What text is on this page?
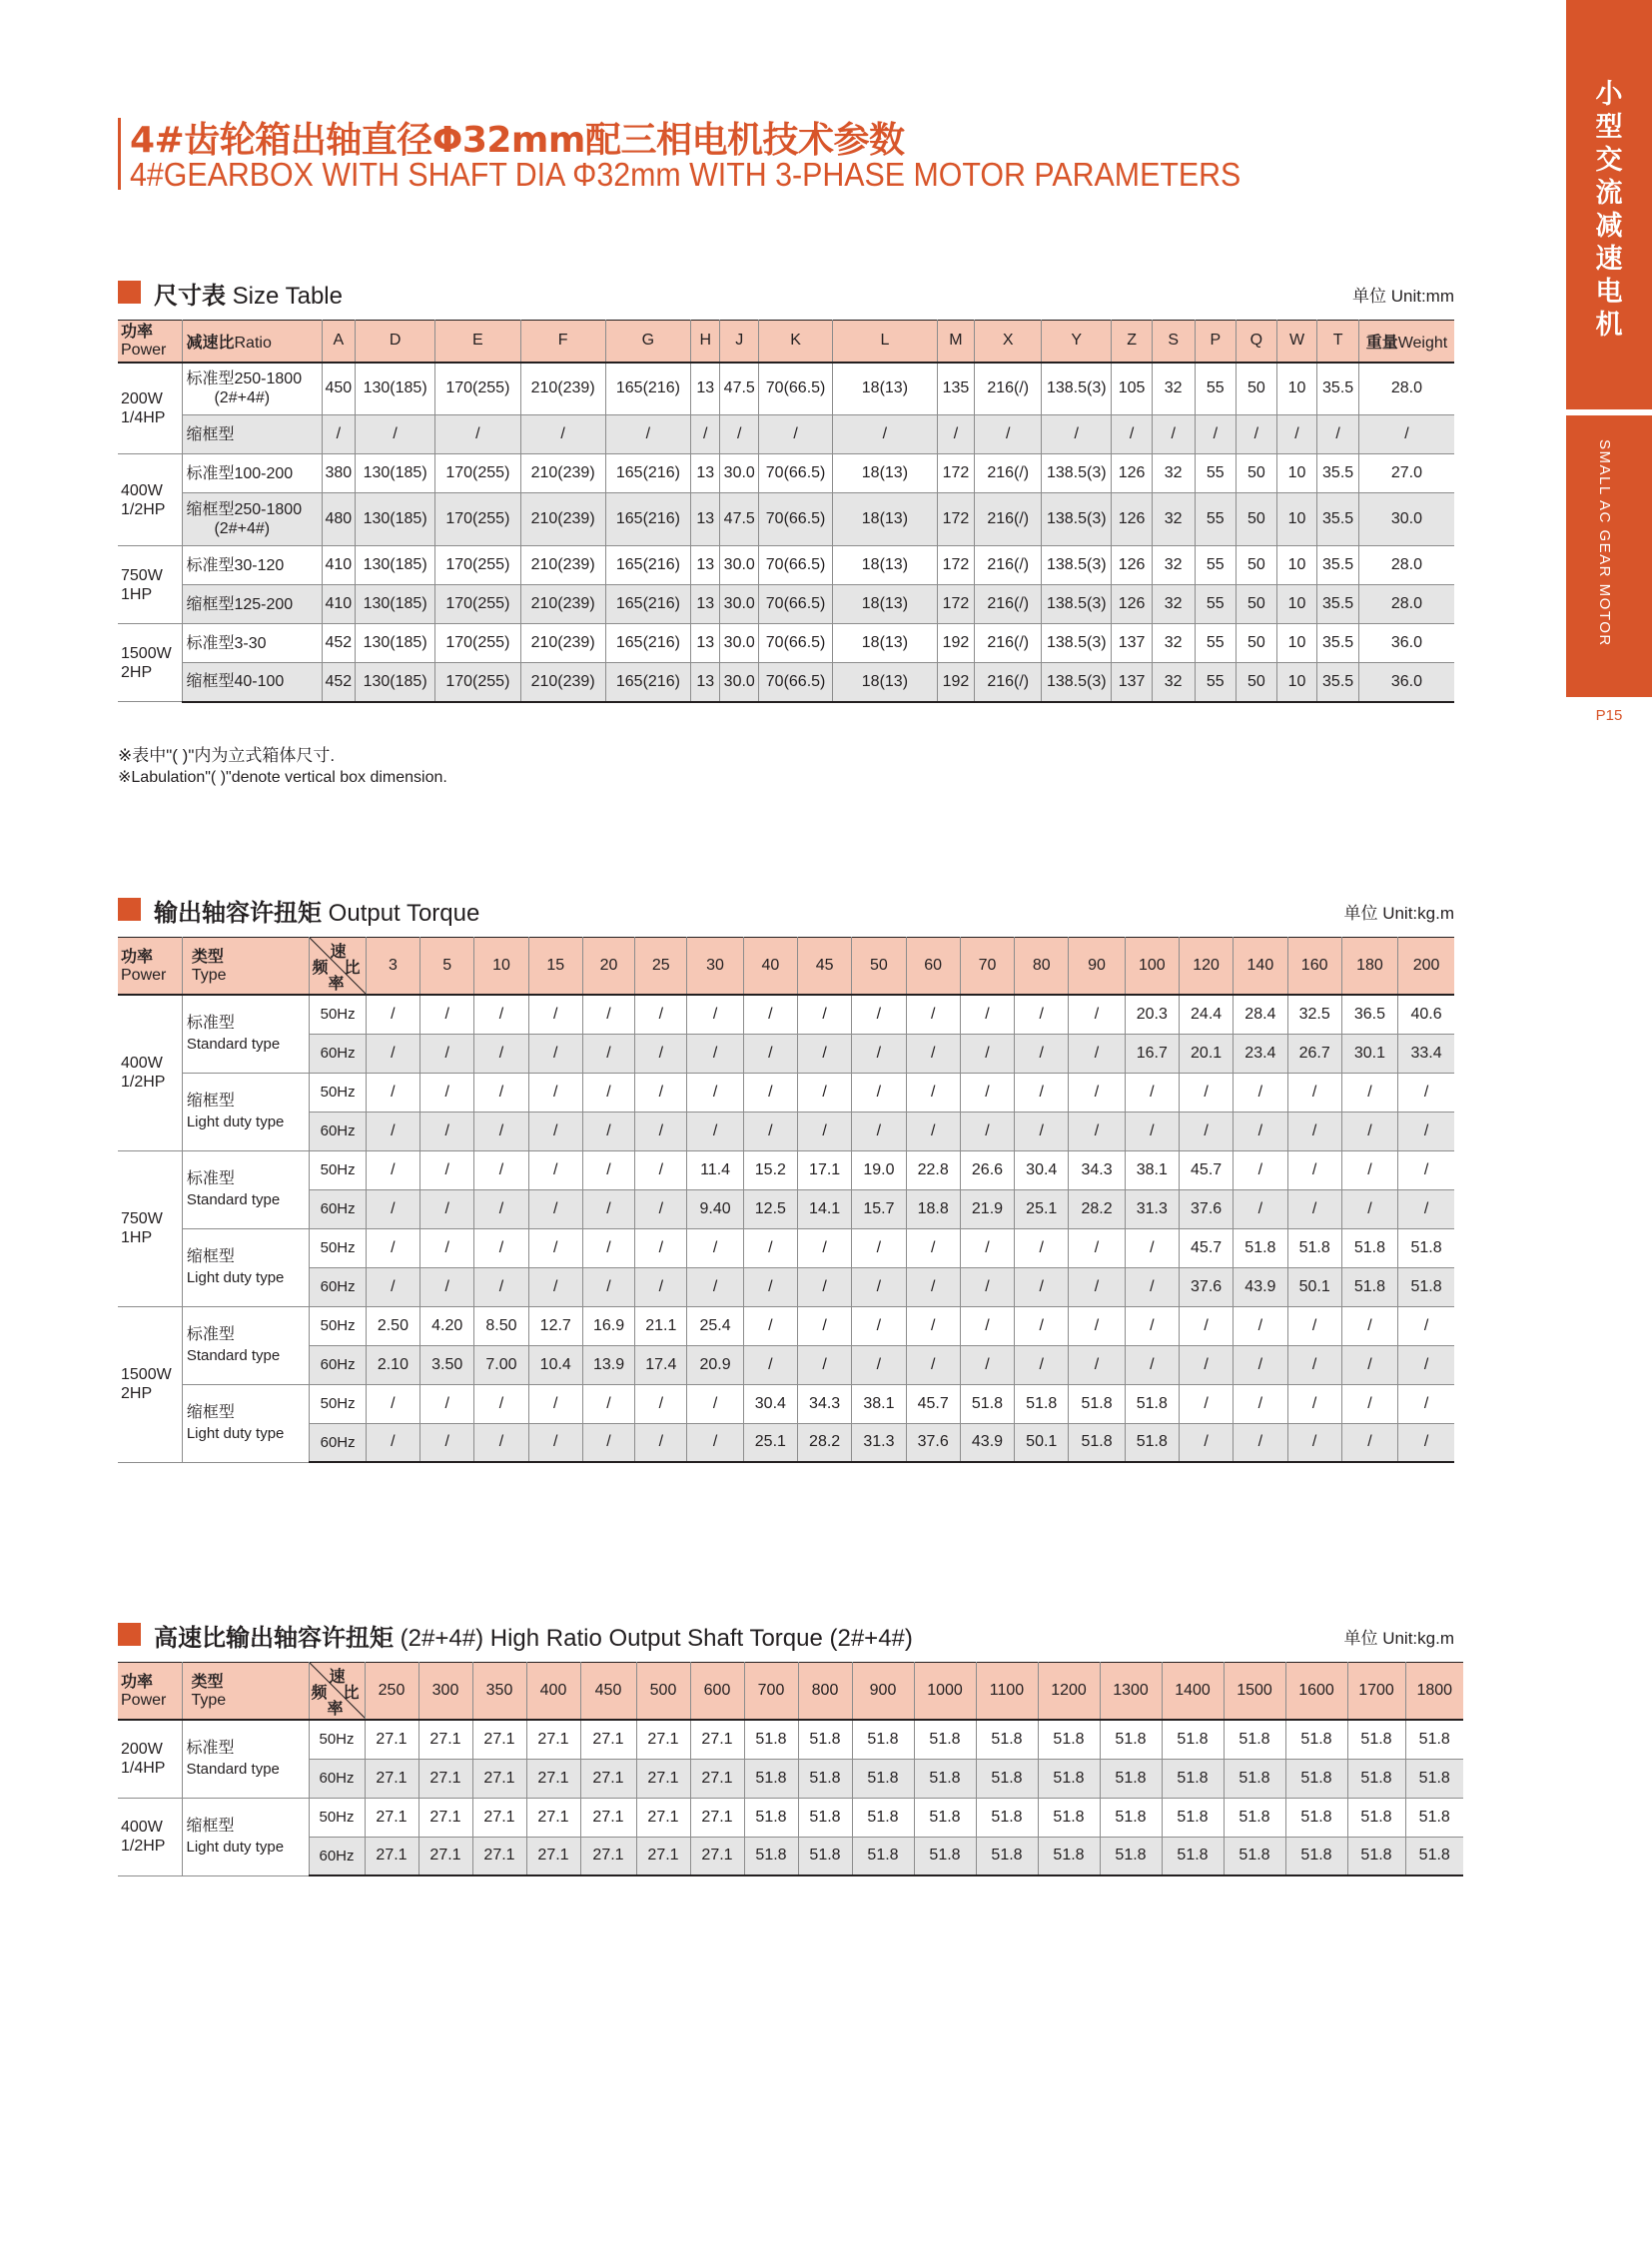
小
型
交
流
减
速
电
机
SMALL AC GEAR MOTOR
P15
4#齿轮箱出轴直径Φ32mm配三相电机技术参数
4#GEARBOX WITH SHAFT DIA Φ32mm WITH 3-PHASE MOTOR PARAMETERS
尺寸表 Size Table	单位 Unit:mm
功率
Power	减速比Ratio	A	D	E	F	G	H	J	K	L	M	X	Y	Z	S	P	Q	W	T	重量Weight

200W
1/4HP	标准型250-1800
(2#+4#)	450	130(185)	170(255)	210(239)	165(216)	13	47.5	70(66.5)	18(13)	135	216(/)	138.5(3)	105	32	55	50	10	35.5	28.0

	缩框型	/	/	/	/	/	/	/	/	/	/	/	/	/	/	/	/	/	/	/

400W
1/2HP	标准型100-200	380	130(185)	170(255)	210(239)	165(216)	13	30.0	70(66.5)	18(13)	172	216(/)	138.5(3)	126	32	55	50	10	35.5	27.0

	缩框型250-1800
(2#+4#)	480	130(185)	170(255)	210(239)	165(216)	13	47.5	70(66.5)	18(13)	172	216(/)	138.5(3)	126	32	55	50	10	35.5	30.0

750W
1HP	标准型30-120	410	130(185)	170(255)	210(239)	165(216)	13	30.0	70(66.5)	18(13)	172	216(/)	138.5(3)	126	32	55	50	10	35.5	28.0

	缩框型125-200	410	130(185)	170(255)	210(239)	165(216)	13	30.0	70(66.5)	18(13)	172	216(/)	138.5(3)	126	32	55	50	10	35.5	28.0

1500W
2HP	标准型3-30	452	130(185)	170(255)	210(239)	165(216)	13	30.0	70(66.5)	18(13)	192	216(/)	138.5(3)	137	32	55	50	10	35.5	36.0

	缩框型40-100	452	130(185)	170(255)	210(239)	165(216)	13	30.0	70(66.5)	18(13)	192	216(/)	138.5(3)	137	32	55	50	10	35.5	36.0
※表中"( )"内为立式箱体尺寸.
※Labulation"( )"denote vertical box dimension.
输出轴容许扭矩 Output Torque	单位 Unit:kg.m
功率
Power	类型
Type	速
频 比
率	3	5	10	15	20	25	30	40	45	50	60	70	80	90	100	120	140	160	180	200

400W
1/2HP	标准型
Standard type	50Hz	/	/	/	/	/	/	/	/	/	/	/	/	/	/	20.3	24.4	28.4	32.5	36.5	40.6
		60Hz	/	/	/	/	/	/	/	/	/	/	/	/	/	/	16.7	20.1	23.4	26.7	30.1	33.4

	缩框型
Light duty type	50Hz	/	/	/	/	/	/	/	/	/	/	/	/	/	/	/	/	/	/	/	/
		60Hz	/	/	/	/	/	/	/	/	/	/	/	/	/	/	/	/	/	/	/	/

750W
1HP	标准型
Standard type	50Hz	/	/	/	/	/	/	11.4	15.2	17.1	19.0	22.8	26.6	30.4	34.3	38.1	45.7	/	/	/	/
		60Hz	/	/	/	/	/	/	9.40	12.5	14.1	15.7	18.8	21.9	25.1	28.2	31.3	37.6	/	/	/	/

	缩框型
Light duty type	50Hz	/	/	/	/	/	/	/	/	/	/	/	/	/	/	/	45.7	51.8	51.8	51.8	51.8
		60Hz	/	/	/	/	/	/	/	/	/	/	/	/	/	/	/	37.6	43.9	50.1	51.8	51.8

1500W
2HP	标准型
Standard type	50Hz	2.50	4.20	8.50	12.7	16.9	21.1	25.4	/	/	/	/	/	/	/	/	/	/	/	/	/
		60Hz	2.10	3.50	7.00	10.4	13.9	17.4	20.9	/	/	/	/	/	/	/	/	/	/	/	/	/

	缩框型
Light duty type	50Hz	/	/	/	/	/	/	/	30.4	34.3	38.1	45.7	51.8	51.8	51.8	51.8	/	/	/	/	/
		60Hz	/	/	/	/	/	/	/	25.1	28.2	31.3	37.6	43.9	50.1	51.8	51.8	/	/	/	/	/
高速比输出轴容许扭矩 (2#+4#) High Ratio Output Shaft Torque (2#+4#)	单位 Unit:kg.m
功率
Power	类型
Type	速
频 比
率	250	300	350	400	450	500	600	700	800	900	1000	1100	1200	1300	1400	1500	1600	1700	1800

200W
1/4HP	标准型
Standard type	50Hz	27.1	27.1	27.1	27.1	27.1	27.1	27.1	51.8	51.8	51.8	51.8	51.8	51.8	51.8	51.8	51.8	51.8	51.8	51.8
		60Hz	27.1	27.1	27.1	27.1	27.1	27.1	27.1	51.8	51.8	51.8	51.8	51.8	51.8	51.8	51.8	51.8	51.8	51.8	51.8

400W
1/2HP	缩框型
Light duty type	50Hz	27.1	27.1	27.1	27.1	27.1	27.1	27.1	51.8	51.8	51.8	51.8	51.8	51.8	51.8	51.8	51.8	51.8	51.8	51.8
		60Hz	27.1	27.1	27.1	27.1	27.1	27.1	27.1	51.8	51.8	51.8	51.8	51.8	51.8	51.8	51.8	51.8	51.8	51.8	51.8
